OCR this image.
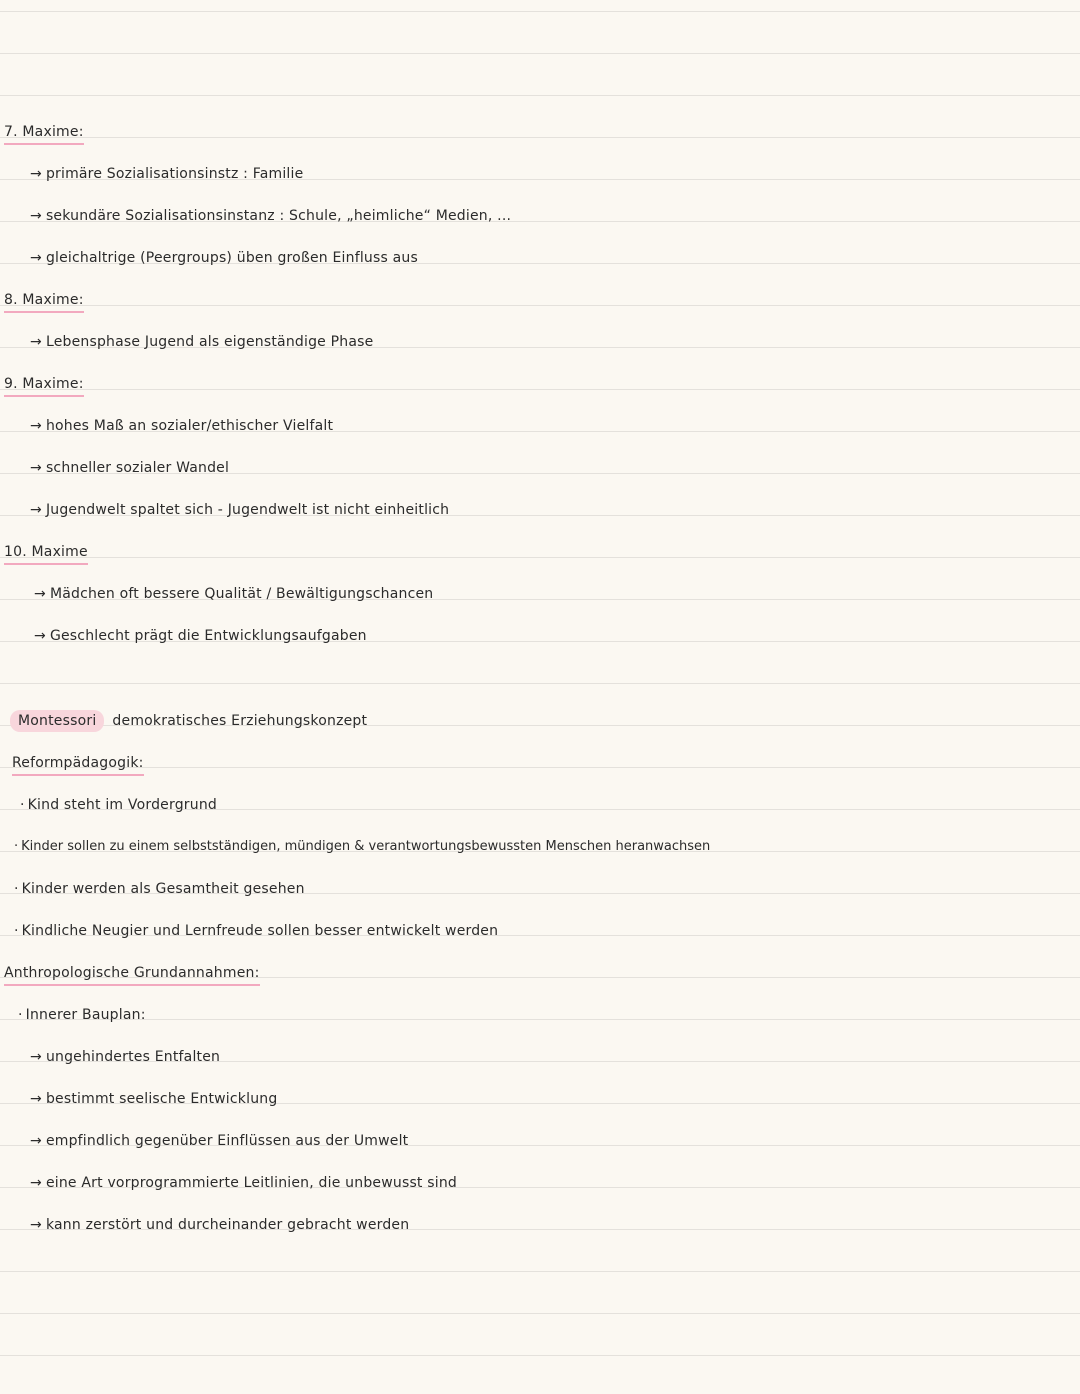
7. Maxime:
→ primäre Sozialisationsinstz : Familie
→ sekundäre Sozialisationsinstanz : Schule, „heimliche“ Medien, ...
→ gleichaltrige (Peergroups) üben großen Einfluss aus
8. Maxime:
→ Lebensphase Jugend als eigenständige Phase
9. Maxime:
→ hohes Maß an sozialer/ethischer Vielfalt
→ schneller sozialer Wandel
→ Jugendwelt spaltet sich - Jugendwelt ist nicht einheitlich
10. Maxime
→ Mädchen oft bessere Qualität / Bewältigungschancen
→ Geschlecht prägt die Entwicklungsaufgaben
Montessori demokratisches Erziehungskonzept
Reformpädagogik:
· Kind steht im Vordergrund
· Kinder sollen zu einem selbstständigen, mündigen & verantwortungsbewussten Menschen heranwachsen
· Kinder werden als Gesamtheit gesehen
· Kindliche Neugier und Lernfreude sollen besser entwickelt werden
Anthropologische Grundannahmen:
· Innerer Bauplan:
→ ungehindertes Entfalten
→ bestimmt seelische Entwicklung
→ empfindlich gegenüber Einflüssen aus der Umwelt
→ eine Art vorprogrammierte Leitlinien, die unbewusst sind
→ kann zerstört und durcheinander gebracht werden
